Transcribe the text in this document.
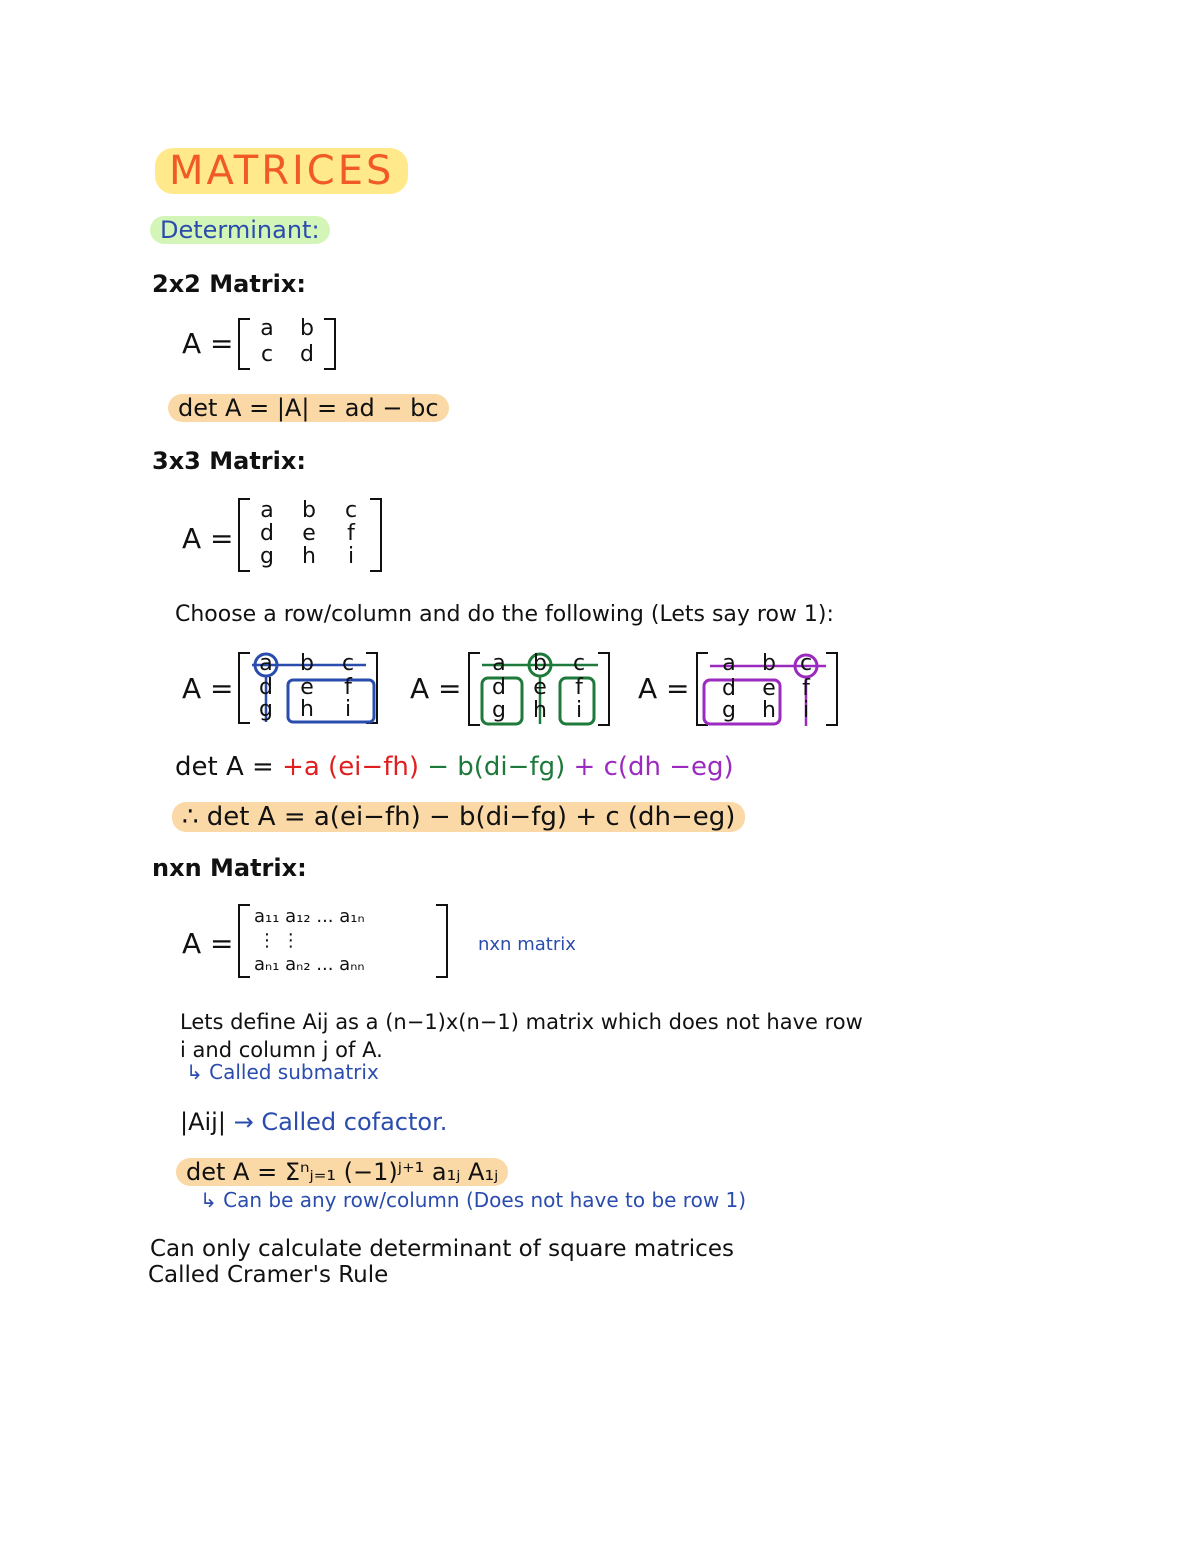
MATRICES
Determinant:
2x2 Matrix:
A =	a	b
c	d
det A = |A| = ad − bc
3x3 Matrix:
A =
a	b	c
d	e	f
g	h	i
Choose a row/column and do the following (Lets say row 1):
A =
a	b	c
d	e	f
g	h	i
A =
a	b	c
d	e	f
g	h	i
A =
a	b	c
d	e	f
g	h	i
det A = +a (ei−fh) − b(di−fg) + c(dh −eg)
∴ det A = a(ei−fh) − b(di−fg) + c (dh−eg)
nxn Matrix:
A =
a₁₁ a₁₂ ... a₁ₙ
⋮ ⋮
aₙ₁ aₙ₂ ... aₙₙ
nxn matrix
Lets define Aij as a (n−1)x(n−1) matrix which does not have row
i and column j of A.
↳ Called submatrix
|Aij| → Called cofactor.
det A = Σⁿⱼ₌₁ (−1)ʲ⁺¹ a₁ⱼ A₁ⱼ
↳ Can be any row/column (Does not have to be row 1)
Can only calculate determinant of square matrices
Called Cramer's Rule
